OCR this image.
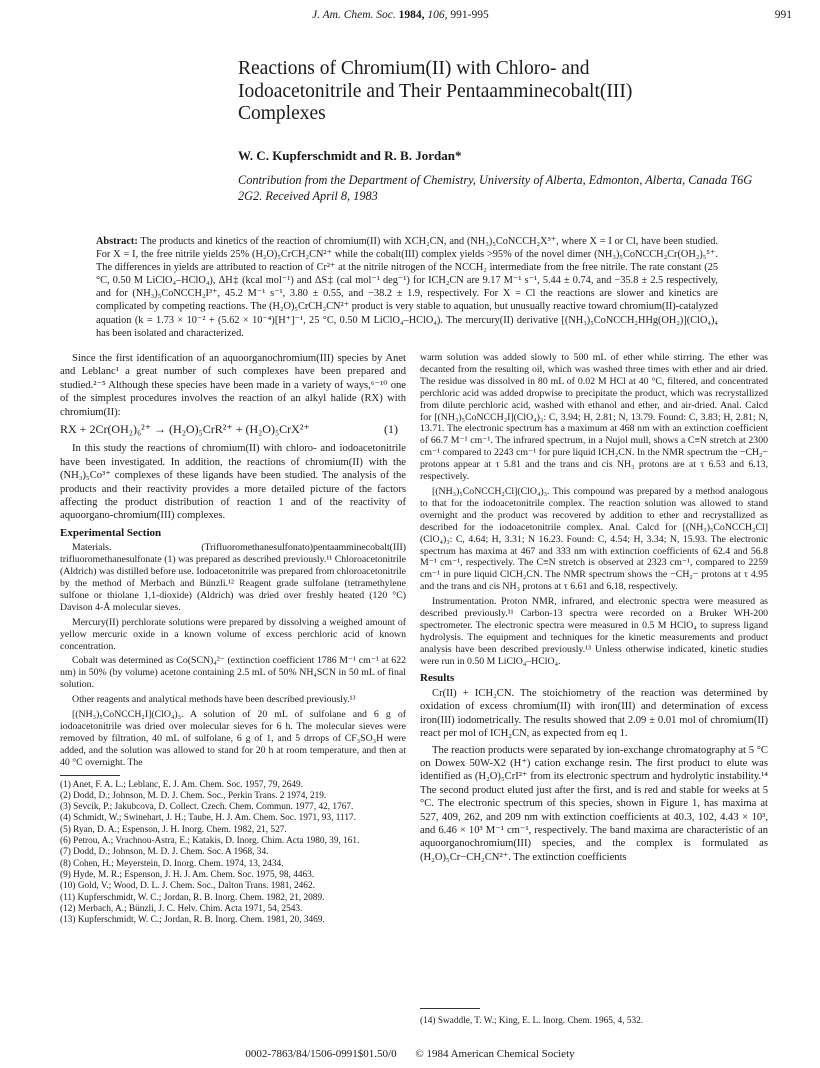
J. Am. Chem. Soc. 1984, 106, 991-995	991
Reactions of Chromium(II) with Chloro- and Iodoacetonitrile and Their Pentaamminecobalt(III) Complexes
W. C. Kupferschmidt and R. B. Jordan*
Contribution from the Department of Chemistry, University of Alberta, Edmonton, Alberta, Canada T6G 2G2. Received April 8, 1983
Abstract: The products and kinetics of the reaction of chromium(II) with XCH₂CN, and (NH₃)₅CoNCCH₂X³⁺, where X = I or Cl, have been studied. For X = I, the free nitrile yields 25% (H₂O)₅CrCH₂CN²⁺ while the cobalt(III) complex yields >95% of the novel dimer (NH₃)₅CoNCCH₂Cr(OH₂)₅⁵⁺. The differences in yields are attributed to reaction of Cr²⁺ at the nitrile nitrogen of the NCCH₂ intermediate from the free nitrile. The rate constant (25 °C, 0.50 M LiClO₄–HClO₄), ΔH‡ (kcal mol⁻¹) and ΔS‡ (cal mol⁻¹ deg⁻¹) for ICH₂CN are 9.17 M⁻¹ s⁻¹, 5.44 ± 0.74, and −35.8 ± 2.5 respectively, and for (NH₃)₅CoNCCH₂I³⁺, 45.2 M⁻¹ s⁻¹, 3.80 ± 0.55, and −38.2 ± 1.9, respectively. For X = Cl the reactions are slower and kinetics are complicated by competing reactions. The (H₂O)₅CrCH₂CN²⁺ product is very stable to aquation, but unusually reactive toward chromium(II)-catalyzed aquation (k = 1.73 × 10⁻² + (5.62 × 10⁻⁴)[H⁺]⁻¹, 25 °C, 0.50 M LiClO₄–HClO₄). The mercury(II) derivative [(NH₃)₅CoNCCH₂HHg(OH₂)](ClO₄)₄ has been isolated and characterized.

Since the first identification of an aquoorganochromium(III) species by Anet and Leblanc¹ a great number of such complexes have been prepared and studied.²⁻⁵ Although these species have been made in a variety of ways,⁶⁻¹⁰ one of the simplest procedures involves the reaction of an alkyl halide (RX) with chromium(II):

RX + 2Cr(OH₂)₆²⁺ → (H₂O)₅CrR²⁺ + (H₂O)₅CrX²⁺	(1)

In this study the reactions of chromium(II) with chloro- and iodoacetonitrile have been investigated. In addition, the reactions of chromium(II) with the (NH₃)₅Co³⁺ complexes of these ligands have been studied. The analysis of the products and their reactivity provides a more detailed picture of the factors affecting the product distribution of reaction 1 and of the reactivity of aquoorgano-chromium(III) complexes.

Experimental Section

Materials. (Trifluoromethanesulfonato)pentaamminecobalt(III) trifluoromethanesulfonate (1) was prepared as described previously.¹¹ Chloroacetonitrile (Aldrich) was distilled before use. Iodoacetonitrile was prepared from chloroacetonitrile by the method of Merbach and Bünzli.¹² Reagent grade sulfolane (tetramethylene sulfone or thiolane 1,1-dioxide) (Aldrich) was dried over freshly heated (120 °C) Davison 4-Å molecular sieves.

Mercury(II) perchlorate solutions were prepared by dissolving a weighed amount of yellow mercuric oxide in a known volume of excess perchloric acid of known concentration.

Cobalt was determined as Co(SCN)₄²⁻ (extinction coefficient 1786 M⁻¹ cm⁻¹ at 622 nm) in 50% (by volume) acetone containing 2.5 mL of 50% NH₄SCN in 50 mL of final solution.

Other reagents and analytical methods have been described previously.¹³

[(NH₃)₅CoNCCH₂I](ClO₄)₃. A solution of 20 mL of sulfolane and 6 g of iodoacetonitrile was dried over molecular sieves for 6 h. The molecular sieves were removed by filtration, 40 mL of sulfolane, 6 g of 1, and 5 drrops of CF₃SO₃H were added, and the solution was allowed to stand for 20 h at room temperature, and then at 40 °C overnight. The

(1) Anet, F. A. L.; Leblanc, E. J. Am. Chem. Soc. 1957, 79, 2649.
(2) Dodd, D.; Johnson, M. D. J. Chem. Soc., Perkin Trans. 2 1974, 219.
(3) Sevcik, P.; Jakubcova, D. Collect. Czech. Chem. Commun. 1977, 42, 1767.
(4) Schmidt, W.; Swinehart, J. H.; Taube, H. J. Am. Chem. Soc. 1971, 93, 1117.
(5) Ryan, D. A.; Espenson, J. H. Inorg. Chem. 1982, 21, 527.
(6) Petrou, A.; Vrachnou-Astra, E.; Katakis, D. Inorg. Chim. Acta 1980, 39, 161.
(7) Dodd, D.; Johnson, M. D. J. Chem. Soc. A 1968, 34.
(8) Cohen, H.; Meyerstein, D. Inorg. Chem. 1974, 13, 2434.
(9) Hyde, M. R.; Espenson, J. H. J. Am. Chem. Soc. 1975, 98, 4463.
(10) Gold, V.; Wood, D. L. J. Chem. Soc., Dalton Trans. 1981, 2462.
(11) Kupferschmidt, W. C.; Jordan, R. B. Inorg. Chem. 1982, 21, 2089.
(12) Merbach, A.; Bünzli, J. C. Helv. Chim. Acta 1971, 54, 2543.
(13) Kupferschmidt, W. C.; Jordan, R. B. Inorg. Chem. 1981, 20, 3469.

warm solution was added slowly to 500 mL of ether while stirring. The ether was decanted from the resulting oil, which was washed three times with ether and air dried. The residue was dissolved in 80 mL of 0.02 M HCl at 40 °C, filtered, and concentrated perchloric acid was added dropwise to precipitate the product, which was recrystallized from dilute perchloric acid, washed with ethanol and ether, and air-dried. Anal. Calcd for [(NH₃)₅CoNCCH₂I](ClO₄)₃: C, 3.94; H, 2.81; N, 13.79. Found: C, 3.83; H, 2.81; N, 13.71. The electronic spectrum has a maximum at 468 nm with an extinction coefficient of 66.7 M⁻¹ cm⁻¹. The infrared spectrum, in a Nujol mull, shows a C≡N stretch at 2300 cm⁻¹ compared to 2243 cm⁻¹ for pure liquid ICH₂CN. In the NMR spectrum the −CH₂− protons appear at τ 5.81 and the trans and cis NH₃ protons are at τ 6.53 and 6.13, respectively.

[(NH₃)₅CoNCCH₂Cl](ClO₄)₃. This compound was prepared by a method analogous to that for the iodoacetonitrile complex. The reaction solution was allowed to stand overnight and the product was recovered by addition to ether and recrystallized as described for the iodoacetonitrile complex. Anal. Calcd for [(NH₃)₅CoNCCH₂Cl](ClO₄)₃: C, 4.64; H, 3.31; N 16.23. Found: C, 4.54; H, 3.34; N, 15.93. The electronic spectrum has maxima at 467 and 333 nm with extinction coefficients of 62.4 and 56.8 M⁻¹ cm⁻¹, respectively. The C≡N stretch is observed at 2323 cm⁻¹, compared to 2259 cm⁻¹ in pure liquid ClCH₂CN. The NMR spectrum shows the −CH₂− protons at τ 4.95 and the trans and cis NH₃ protons at τ 6.61 and 6.18, respectively.

Instrumentation. Proton NMR, infrared, and electronic spectra were measured as described previously.¹¹ Carbon-13 spectra were recorded on a Bruker WH-200 spectrometer. The electronic spectra were measured in 0.5 M HClO₄ to supress ligand hydrolysis. The equipment and techniques for the kinetic measurements and product analysis have been described previously.¹³ Unless otherwise indicated, kinetic studies were run in 0.50 M LiClO₄–HClO₄.

Results

Cr(II) + ICH₂CN. The stoichiometry of the reaction was determined by oxidation of excess chromium(II) with iron(III) and determination of excess iron(III) iodometrically. The results showed that 2.09 ± 0.01 mol of chromium(II) react per mol of ICH₂CN, as expected from eq 1.

The reaction products were separated by ion-exchange chromatography at 5 °C on Dowex 50W-X2 (H⁺) cation exchange resin. The first product to elute was identified as (H₂O)₅CrI²⁺ from its electronic spectrum and hydrolytic instability.¹⁴ The second product eluted just after the first, and is red and stable for weeks at 5 °C. The electronic spectrum of this species, shown in Figure 1, has maxima at 527, 409, 262, and 209 nm with extinction coefficients at 40.3, 102, 4.43 × 10³, and 6.46 × 10³ M⁻¹ cm⁻¹, respectively. The band maxima are characteristic of an aquoorganochromium(III) species, and the complex is formulated as (H₂O)₅Cr−CH₂CN²⁺. The extinction coefficients

(14) Swaddle, T. W.; King, E. L. Inorg. Chem. 1965, 4, 532.
0002-7863/84/1506-0991$01.50/0 © 1984 American Chemical Society
